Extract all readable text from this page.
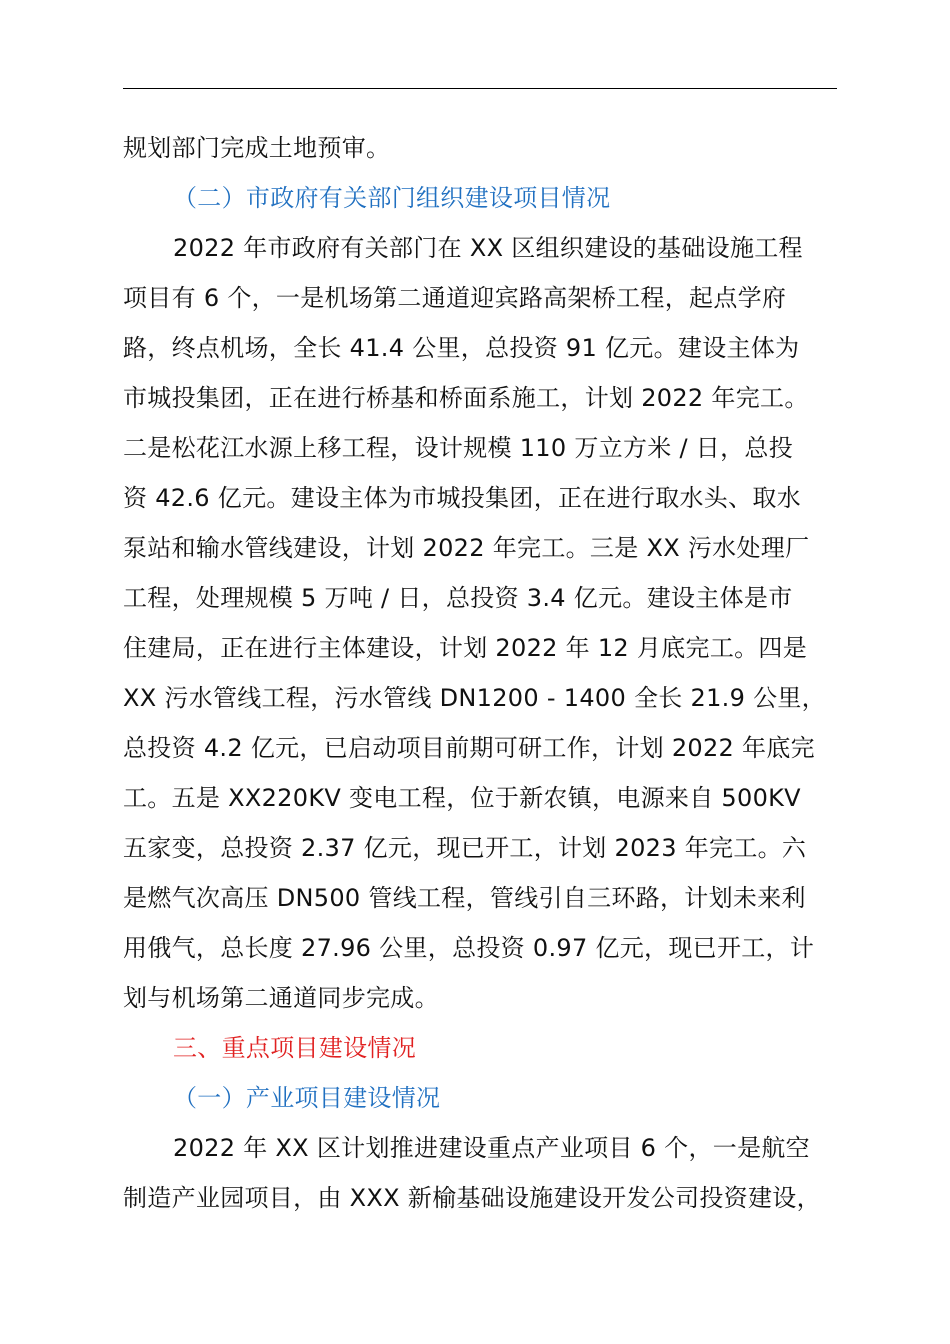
规划部门完成土地预审。
（二）市政府有关部门组织建设项目情况
2022 年市政府有关部门在 XX 区组织建设的基础设施工程
项目有 6 个，一是机场第二通道迎宾路高架桥工程，起点学府
路，终点机场，全长 41.4 公里，总投资 91 亿元。建设主体为
市城投集团，正在进行桥基和桥面系施工，计划 2022 年完工。
二是松花江水源上移工程，设计规模 110 万立方米 / 日，总投
资 42.6 亿元。建设主体为市城投集团，正在进行取水头、取水
泵站和输水管线建设，计划 2022 年完工。三是 XX 污水处理厂
工程，处理规模 5 万吨 / 日，总投资 3.4 亿元。建设主体是市
住建局，正在进行主体建设，计划 2022 年 12 月底完工。四是
XX 污水管线工程，污水管线 DN1200 - 1400 全长 21.9 公里，
总投资 4.2 亿元，已启动项目前期可研工作，计划 2022 年底完
工。五是 XX220KV 变电工程，位于新农镇，电源来自 500KV
五家变，总投资 2.37 亿元，现已开工，计划 2023 年完工。六
是燃气次高压 DN500 管线工程，管线引自三环路，计划未来利
用俄气，总长度 27.96 公里，总投资 0.97 亿元，现已开工，计
划与机场第二通道同步完成。
三、重点项目建设情况
（一）产业项目建设情况
2022 年 XX 区计划推进建设重点产业项目 6 个，一是航空
制造产业园项目，由 XXX 新榆基础设施建设开发公司投资建设，
